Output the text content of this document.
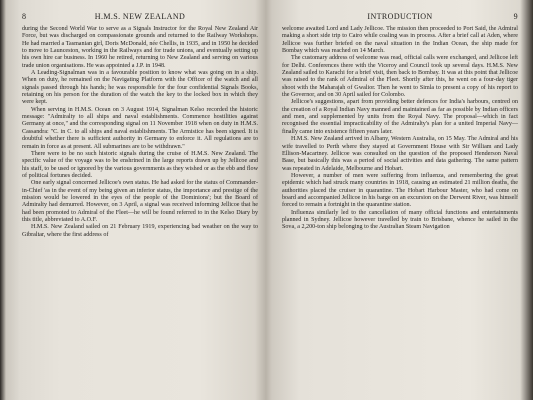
8	H.M.S. NEW ZEALAND

during the Second World War to serve as a Signals Instructor for the Royal New Zealand Air Force, but was discharged on compassionate grounds and returned to the Railway Workshops. He had married a Tasmanian girl, Doris McDonald, née Chellis, in 1935, and in 1950 he decided to move to Launceston, working in the Railways and for trade unions, and eventually setting up his own hire car business. In 1960 he retired, returning to New Zealand and serving on various trade union organisations. He was appointed a J.P. in 1948.

A Leading-Signalman was in a favourable position to know what was going on in a ship. When on duty, he remained on the Navigating Platform with the Officer of the watch and all signals passed through his hands; he was responsible for the four confidential Signals Books, retaining on his person for the duration of the watch the key to the locked box in which they were kept.

When serving in H.M.S. Ocean on 3 August 1914, Signalman Kelso recorded the historic message: "Admiralty to all ships and naval establishments. Commence hostilities against Germany at once," and the corresponding signal on 11 November 1918 when on duty in H.M.S. Cassandra: "C. in C. to all ships and naval establishments. The Armistice has been signed. It is doubtful whether there is sufficient authority in Germany to enforce it. All regulations are to remain in force as at present. All submarines are to be withdrawn."

There were to be no such historic signals during the cruise of H.M.S. New Zealand. The specific value of the voyage was to be enshrined in the large reports drawn up by Jellicoe and his staff, to be used or ignored by the various governments as they wished or as the ebb and flow of political fortunes decided.

One early signal concerned Jellicoe's own status. He had asked for the status of Commander-in-Chief 'as in the event of my being given an inferior status, the importance and prestige of the mission would be lowered in the eyes of the people of the Dominions'; but the Board of Admiralty had demurred. However, on 3 April, a signal was received informing Jellicoe that he had been promoted to Admiral of the Fleet—he will be found referred to in the Kelso Diary by this title, abbreviated to A.O.F.

H.M.S. New Zealand sailed on 21 February 1919, experiencing bad weather on the way to Gibraltar, where the first address of

INTRODUCTION	9

welcome awaited Lord and Lady Jellicoe. The mission then proceeded to Port Said, the Admiral making a short side trip to Cairo while coaling was in process. After a brief call at Aden, where Jellicoe was further briefed on the naval situation in the Indian Ocean, the ship made for Bombay which was reached on 14 March.

The customary address of welcome was read, official calls were exchanged, and Jellicoe left for Delhi. Conferences there with the Viceroy and Council took up several days. H.M.S. New Zealand sailed to Karachi for a brief visit, then back to Bombay. It was at this point that Jellicoe was raised to the rank of Admiral of the Fleet. Shortly after this, he went on a four-day tiger shoot with the Maharajah of Gwalior. Then he went to Simla to present a copy of his report to the Governor, and on 30 April sailed for Colombo.

Jellicoe's suggestions, apart from providing better defences for India's harbours, centred on the creation of a Royal Indian Navy manned and maintained as far as possible by Indian officers and men, and supplemented by units from the Royal Navy. The proposal—which in fact recognised the essential impracticability of the Admiralty's plan for a united Imperial Navy—finally came into existence fifteen years later.

H.M.S. New Zealand arrived in Albany, Western Australia, on 15 May. The Admiral and his wife travelled to Perth where they stayed at Government House with Sir William and Lady Ellison-Macartney. Jellicoe was consulted on the question of the proposed Henderson Naval Base, but basically this was a period of social activities and data gathering. The same pattern was repeated in Adelaide, Melbourne and Hobart.

However, a number of men were suffering from influenza, and remembering the great epidemic which had struck many countries in 1918, causing an estimated 21 million deaths, the authorities placed the cruiser in quarantine. The Hobart Harbour Master, who had come on board and accompanied Jellicoe in his barge on an excursion on the Derwent River, was himself forced to remain a fortnight in the quarantine station.

Influenza similarly led to the cancellation of many official functions and entertainments planned in Sydney. Jellicoe however travelled by train to Brisbane, whence he sailed in the Sova, a 2,200-ton ship belonging to the Australian Steam Navigation
